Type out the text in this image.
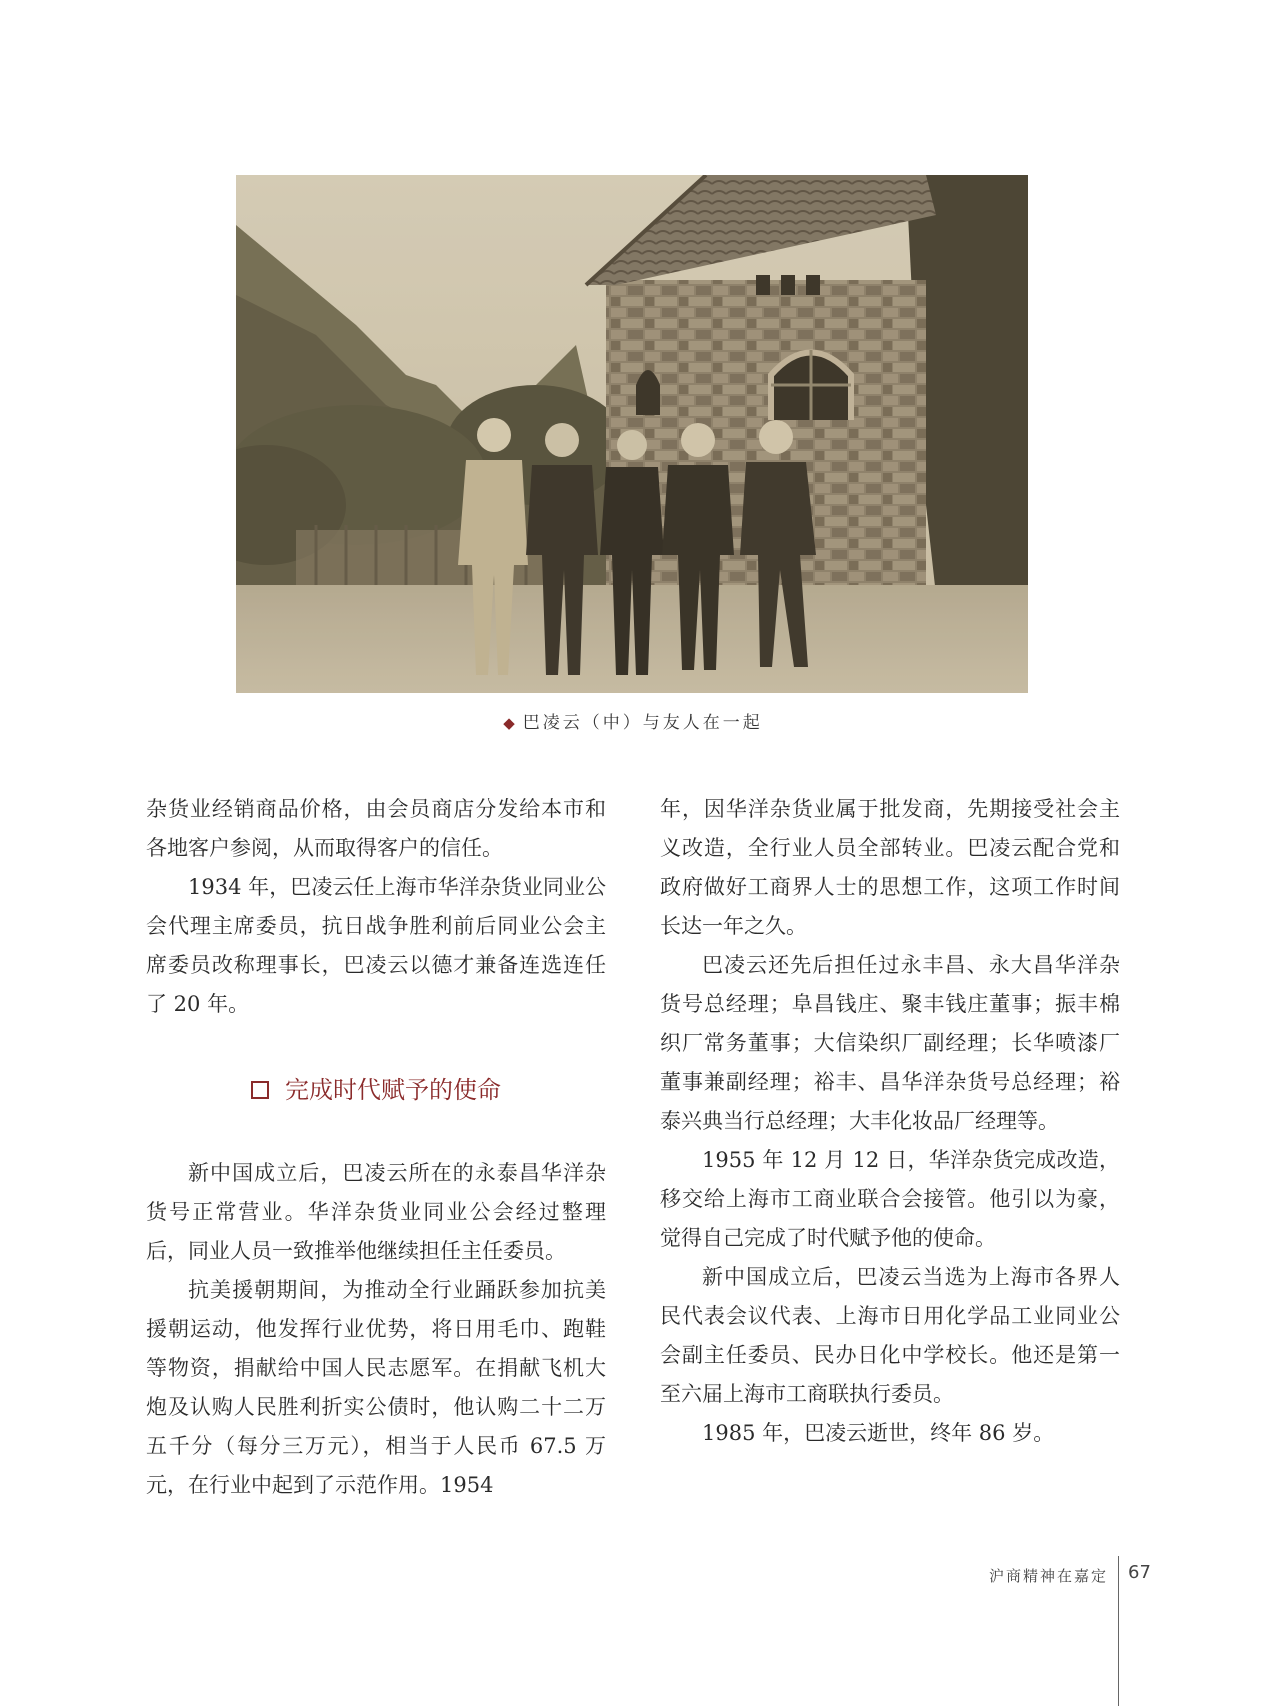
◆ 巴凌云（中）与友人在一起

杂货业经销商品价格，由会员商店分发给本市和各地客户参阅，从而取得客户的信任。

1934 年，巴凌云任上海市华洋杂货业同业公会代理主席委员，抗日战争胜利前后同业公会主席委员改称理事长，巴凌云以德才兼备连选连任了 20 年。

完成时代赋予的使命

新中国成立后，巴凌云所在的永泰昌华洋杂货号正常营业。华洋杂货业同业公会经过整理后，同业人员一致推举他继续担任主任委员。

抗美援朝期间，为推动全行业踊跃参加抗美援朝运动，他发挥行业优势，将日用毛巾、跑鞋等物资，捐献给中国人民志愿军。在捐献飞机大炮及认购人民胜利折实公债时，他认购二十二万五千分（每分三万元），相当于人民币 67.5 万元，在行业中起到了示范作用。1954

年，因华洋杂货业属于批发商，先期接受社会主义改造，全行业人员全部转业。巴凌云配合党和政府做好工商界人士的思想工作，这项工作时间长达一年之久。

巴凌云还先后担任过永丰昌、永大昌华洋杂货号总经理；阜昌钱庄、聚丰钱庄董事；振丰棉织厂常务董事；大信染织厂副经理；长华喷漆厂董事兼副经理；裕丰、昌华洋杂货号总经理；裕泰兴典当行总经理；大丰化妆品厂经理等。

1955 年 12 月 12 日，华洋杂货完成改造，移交给上海市工商业联合会接管。他引以为豪，觉得自己完成了时代赋予他的使命。

新中国成立后，巴凌云当选为上海市各界人民代表会议代表、上海市日用化学品工业同业公会副主任委员、民办日化中学校长。他还是第一至六届上海市工商联执行委员。

1985 年，巴凌云逝世，终年 86 岁。

沪商精神在嘉定 67
